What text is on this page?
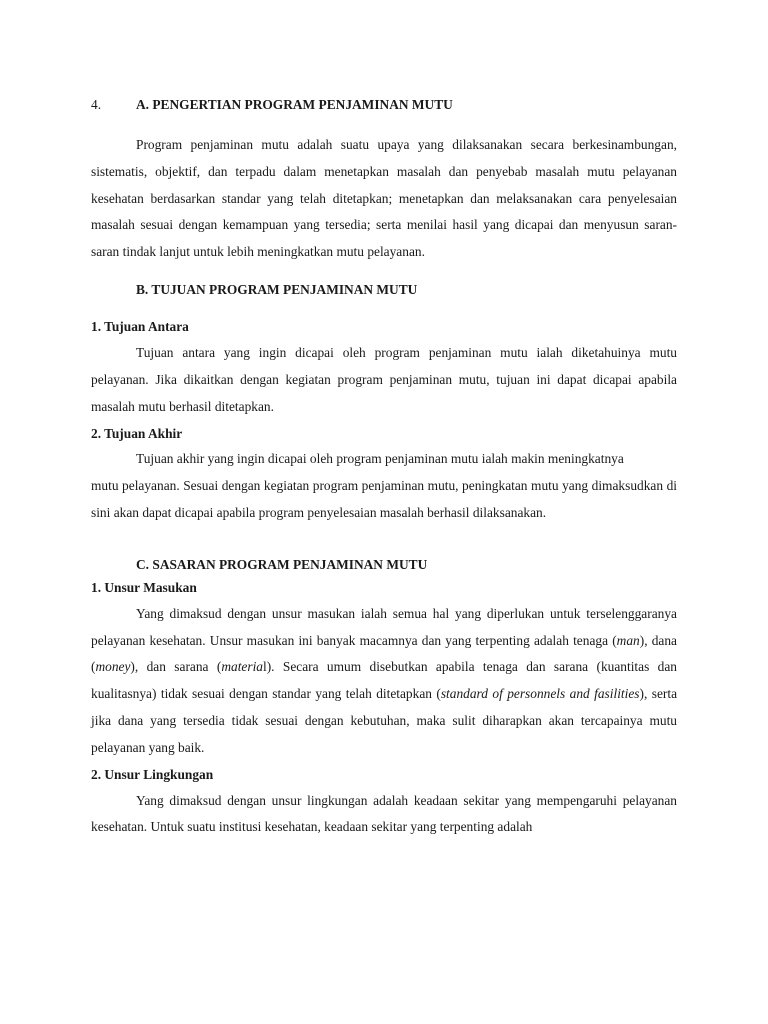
4.	A. PENGERTIAN PROGRAM PENJAMINAN MUTU

Program penjaminan mutu adalah suatu upaya yang dilaksanakan secara berkesinambungan, sistematis, objektif, dan terpadu dalam menetapkan masalah dan penyebab masalah mutu pelayanan kesehatan berdasarkan standar yang telah ditetapkan; menetapkan dan melaksanakan cara penyelesaian masalah sesuai dengan kemampuan yang tersedia; serta menilai hasil yang dicapai dan menyusun saran-saran tindak lanjut untuk lebih meningkatkan mutu pelayanan.

B. TUJUAN PROGRAM PENJAMINAN MUTU
1. Tujuan Antara

Tujuan antara yang ingin dicapai oleh program penjaminan mutu ialah diketahuinya mutu pelayanan. Jika dikaitkan dengan kegiatan program penjaminan mutu, tujuan ini dapat dicapai apabila masalah mutu berhasil ditetapkan.

2. Tujuan Akhir

Tujuan akhir yang ingin dicapai oleh program penjaminan mutu ialah makin meningkatnya

mutu pelayanan. Sesuai dengan kegiatan program penjaminan mutu, peningkatan mutu yang dimaksudkan di sini akan dapat dicapai apabila program penyelesaian masalah berhasil dilaksanakan.

C. SASARAN PROGRAM PENJAMINAN MUTU
1. Unsur Masukan

Yang dimaksud dengan unsur masukan ialah semua hal yang diperlukan untuk terselenggaranya pelayanan kesehatan. Unsur masukan ini banyak macamnya dan yang terpenting adalah tenaga (man), dana (money), dan sarana (material). Secara umum disebutkan apabila tenaga dan sarana (kuantitas dan kualitasnya) tidak sesuai dengan standar yang telah ditetapkan (standard of personnels and fasilities), serta jika dana yang tersedia tidak sesuai dengan kebutuhan, maka sulit diharapkan akan tercapainya mutu pelayanan yang baik.

2. Unsur Lingkungan

Yang dimaksud dengan unsur lingkungan adalah keadaan sekitar yang mempengaruhi pelayanan kesehatan. Untuk suatu institusi kesehatan, keadaan sekitar yang terpenting adalah
